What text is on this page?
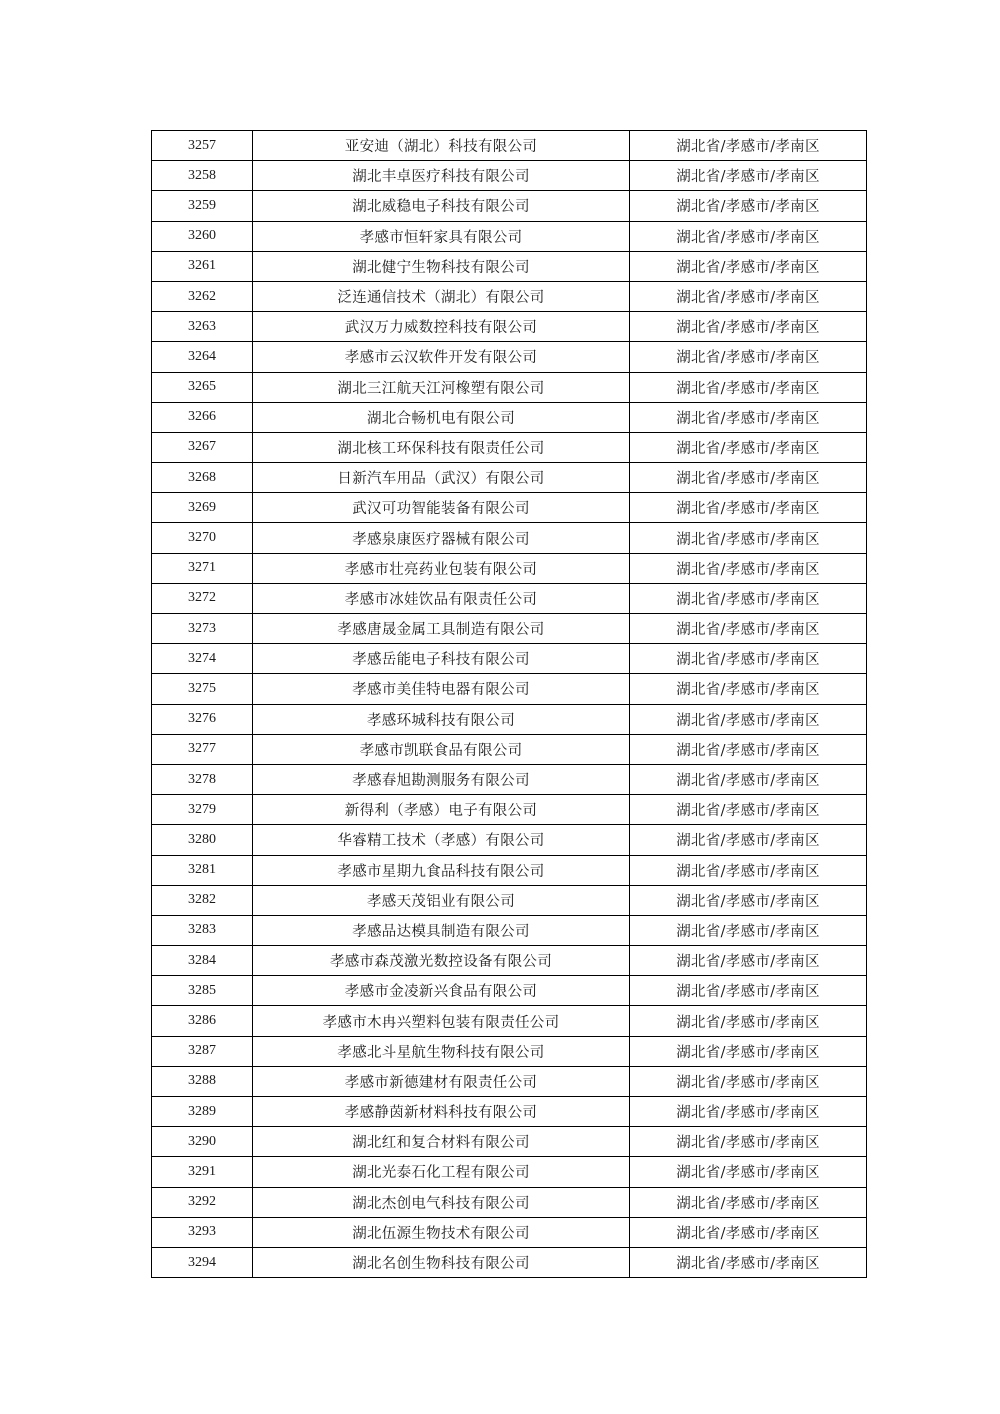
3257	亚安迪（湖北）科技有限公司	湖北省/孝感市/孝南区
3258	湖北丰卓医疗科技有限公司	湖北省/孝感市/孝南区
3259	湖北威稳电子科技有限公司	湖北省/孝感市/孝南区
3260	孝感市恒轩家具有限公司	湖北省/孝感市/孝南区
3261	湖北健宁生物科技有限公司	湖北省/孝感市/孝南区
3262	泛连通信技术（湖北）有限公司	湖北省/孝感市/孝南区
3263	武汉万力威数控科技有限公司	湖北省/孝感市/孝南区
3264	孝感市云汉软件开发有限公司	湖北省/孝感市/孝南区
3265	湖北三江航天江河橡塑有限公司	湖北省/孝感市/孝南区
3266	湖北合畅机电有限公司	湖北省/孝感市/孝南区
3267	湖北核工环保科技有限责任公司	湖北省/孝感市/孝南区
3268	日新汽车用品（武汉）有限公司	湖北省/孝感市/孝南区
3269	武汉可功智能装备有限公司	湖北省/孝感市/孝南区
3270	孝感泉康医疗器械有限公司	湖北省/孝感市/孝南区
3271	孝感市壮亮药业包装有限公司	湖北省/孝感市/孝南区
3272	孝感市冰娃饮品有限责任公司	湖北省/孝感市/孝南区
3273	孝感唐晟金属工具制造有限公司	湖北省/孝感市/孝南区
3274	孝感岳能电子科技有限公司	湖北省/孝感市/孝南区
3275	孝感市美佳特电器有限公司	湖北省/孝感市/孝南区
3276	孝感环城科技有限公司	湖北省/孝感市/孝南区
3277	孝感市凯联食品有限公司	湖北省/孝感市/孝南区
3278	孝感春旭勘测服务有限公司	湖北省/孝感市/孝南区
3279	新得利（孝感）电子有限公司	湖北省/孝感市/孝南区
3280	华睿精工技术（孝感）有限公司	湖北省/孝感市/孝南区
3281	孝感市星期九食品科技有限公司	湖北省/孝感市/孝南区
3282	孝感天茂铝业有限公司	湖北省/孝感市/孝南区
3283	孝感品达模具制造有限公司	湖北省/孝感市/孝南区
3284	孝感市森茂激光数控设备有限公司	湖北省/孝感市/孝南区
3285	孝感市金凌新兴食品有限公司	湖北省/孝感市/孝南区
3286	孝感市木冉兴塑料包装有限责任公司	湖北省/孝感市/孝南区
3287	孝感北斗星航生物科技有限公司	湖北省/孝感市/孝南区
3288	孝感市新德建材有限责任公司	湖北省/孝感市/孝南区
3289	孝感静茵新材料科技有限公司	湖北省/孝感市/孝南区
3290	湖北红和复合材料有限公司	湖北省/孝感市/孝南区
3291	湖北光泰石化工程有限公司	湖北省/孝感市/孝南区
3292	湖北杰创电气科技有限公司	湖北省/孝感市/孝南区
3293	湖北伍源生物技术有限公司	湖北省/孝感市/孝南区
3294	湖北名创生物科技有限公司	湖北省/孝感市/孝南区
